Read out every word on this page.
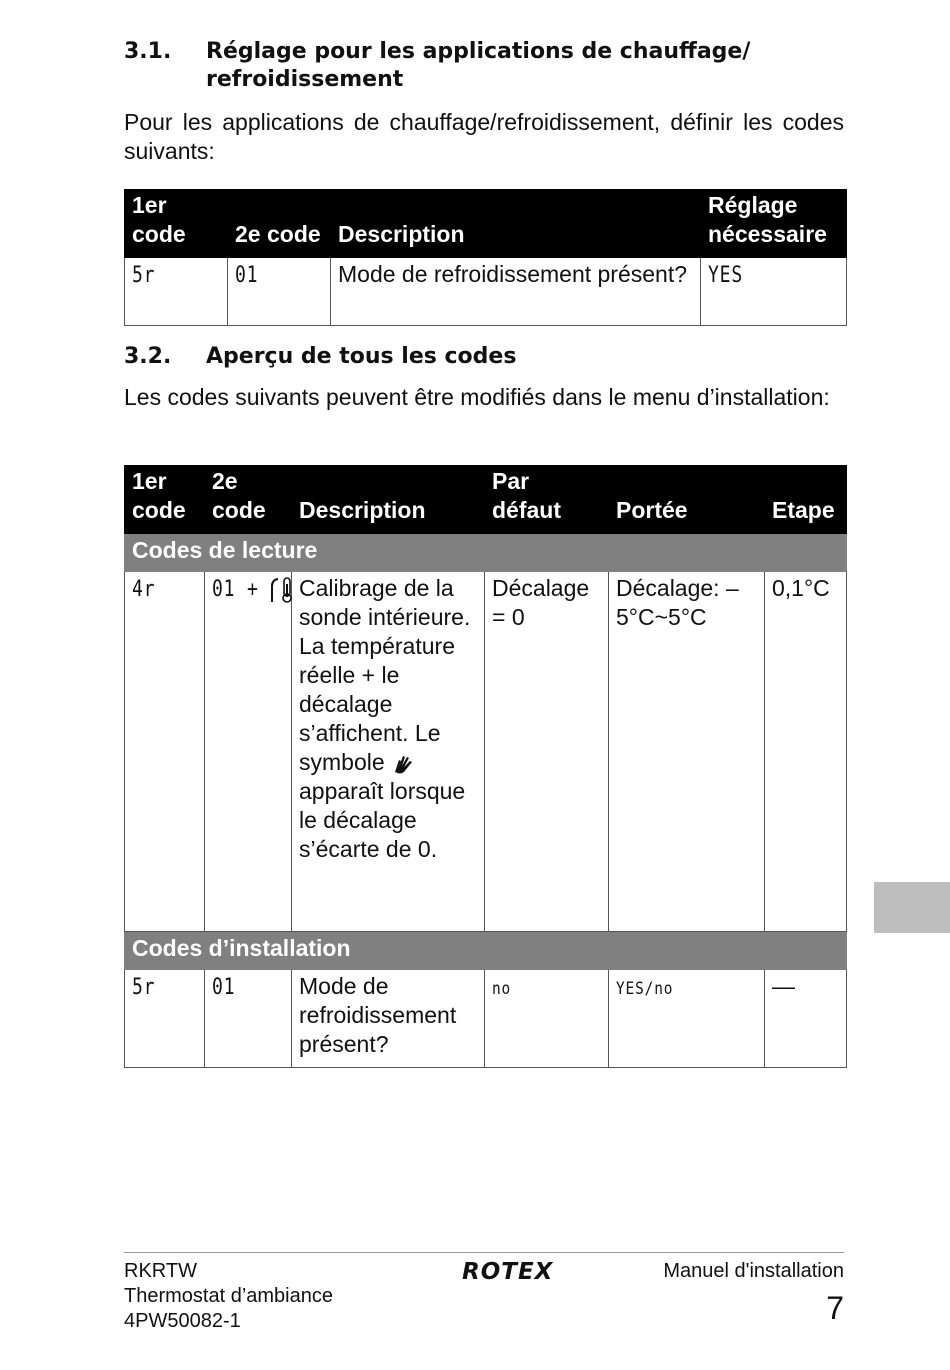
3.1.	Réglage pour les applications de chauffage/ refroidissement
Pour les applications de chauffage/refroidissement, définir les codes suivants:
1er code	2e code	Description	Réglage nécessaire
5r	01	Mode de refroidissement présent?	YES
3.2.	Aperçu de tous les codes
Les codes suivants peuvent être modifiés dans le menu d’installation:
1er code	2e code	Description	Par défaut	Portée	Etape
Codes de lecture					
4r	01 +	Calibrage de la sonde intérieure. La température réelle + le décalage s’affichent. Le symbole  apparaît lorsque le décalage s’écarte de 0.	Décalage = 0	Décalage: –5°C~5°C	0,1°C
Codes d’installation					
5r	01	Mode de refroidissement présent?	no	YES/no	—
RKRTW
Thermostat d’ambiance
4PW50082-1
ROTEX	Manuel d'installation
7
